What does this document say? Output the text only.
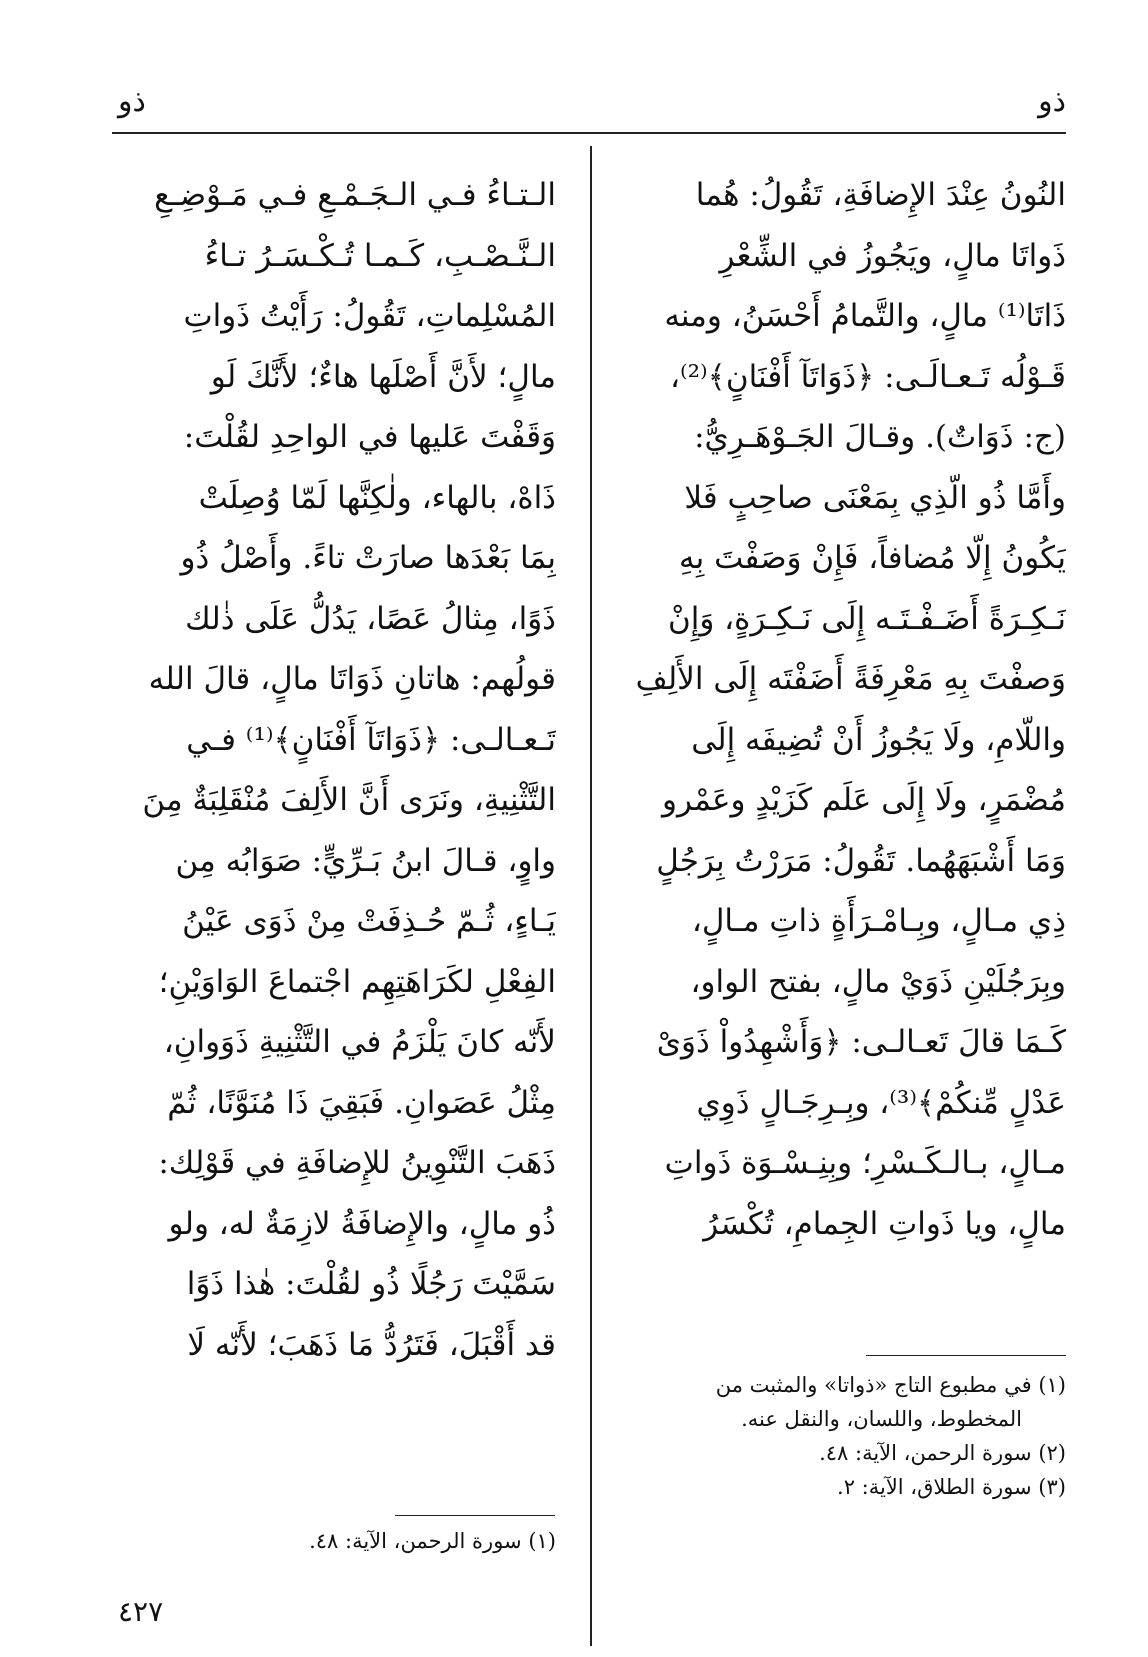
ذو
ذو
النُونُ عِنْدَ الإِضافَةِ، تَقُولُ: هُما
ذَواتَا مالٍ، ويَجُوزُ في الشِّعْرِ
ذَاتَا⁽¹⁾ مالٍ، والتَّمامُ أَحْسَنُ، ومنه
قَـوْلُه تَـعـالَـى: ﴿ذَوَاتَآ أَفْنَانٍ﴾⁽²⁾،
(ج: ذَوَاتٌ). وقـالَ الجَـوْهَـرِيُّ:
وأَمَّا ذُو الّذِي بِمَعْنَى صاحِبٍ فَلا
يَكُونُ إِلّا مُضافاً، فَإِنْ وَصَفْتَ بِهِ
نَـكِـرَةً أَضَـفْـتَـه إِلَى نَـكِـرَةٍ، وَإِنْ
وَصفْتَ بِهِ مَعْرِفَةً أَضَفْتَه إِلَى الأَلِفِ
واللّامِ، ولَا يَجُوزُ أَنْ تُضِيفَه إِلَى
مُضْمَرٍ، ولَا إِلَى عَلَم كَزَيْدٍ وعَمْرو
وَمَا أَشْبَهَهُما. تَقُولُ: مَرَرْتُ بِرَجُلٍ
ذِي مـالٍ، وبِـامْـرَأَةٍ ذاتِ مـالٍ،
وبِرَجُلَيْنِ ذَوَيْ مالٍ، بفتح الواو،
كَـمَا قالَ تَعـالـى: ﴿وَأَشْهِدُواْ ذَوَىْ
عَدْلٍ مِّنكُمْ﴾⁽³⁾، وبِـرِجَـالٍ ذَوِي
مـالٍ، بـالـكَـسْرِ؛ وبِنِـسْـوَة ذَواتِ
مالٍ، ويا ذَواتِ الجِمامِ، تُكْسَرُ
الـتـاءُ فـي الـجَـمْـعِ فـي مَـوْضِـعِ
الـنَّـصْـبِ، كَـمـا تُـكْـسَـرُ تـاءُ
المُسْلِماتِ، تَقُولُ: رَأَيْتُ ذَواتِ
مالٍ؛ لأَنَّ أَصْلَها هاءٌ؛ لأَنَّكَ لَو
وَقَفْتَ عَليها في الواحِدِ لقُلْتَ:
ذَاهْ، بالهاء، ولٰكِنَّها لَمّا وُصِلَتْ
بِمَا بَعْدَها صارَتْ تاءً. وأَصْلُ ذُو
ذَوًا، مِثالُ عَصًا، يَدُلُّ عَلَى ذٰلك
قولُهم: هاتانِ ذَوَاتَا مالٍ، قالَ الله
تَـعـالـى: ﴿ذَوَاتَآ أَفْنَانٍ﴾⁽¹⁾ فـي
التَّثْنِيةِ، ونَرَى أَنَّ الأَلِفَ مُنْقَلِبَةٌ مِنَ
واوٍ، قـالَ ابنُ بَـرِّيٍّ: صَوَابُه مِن
يَـاءٍ، ثُـمّ حُـذِفَتْ مِنْ ذَوَى عَيْنُ
الفِعْلِ لكَرَاهَتِهِم اجْتماعَ الوَاوَيْنِ؛
لأَنّه كانَ يَلْزَمُ في التَّثْنِيةِ ذَوَوانِ،
مِثْلُ عَصَوانِ. فَبَقِيَ ذَا مُنَوَّنًا، ثُمّ
ذَهَبَ التَّنْوِينُ للإِضافَةِ في قَوْلِك:
ذُو مالٍ، والإِضافَةُ لازِمَةٌ له، ولو
سَمَّيْتَ رَجُلًا ذُو لقُلْتَ: هٰذا ذَوًا
قد أَقْبَلَ، فَتَرُدُّ مَا ذَهَبَ؛ لأَنّه لَا
(١) في مطبوع التاج «ذواتا» والمثبت من
المخطوط، واللسان، والنقل عنه.
(٢) سورة الرحمن، الآية: ٤٨.
(٣) سورة الطلاق، الآية: ٢.
(١) سورة الرحمن، الآية: ٤٨.
٤٢٧
